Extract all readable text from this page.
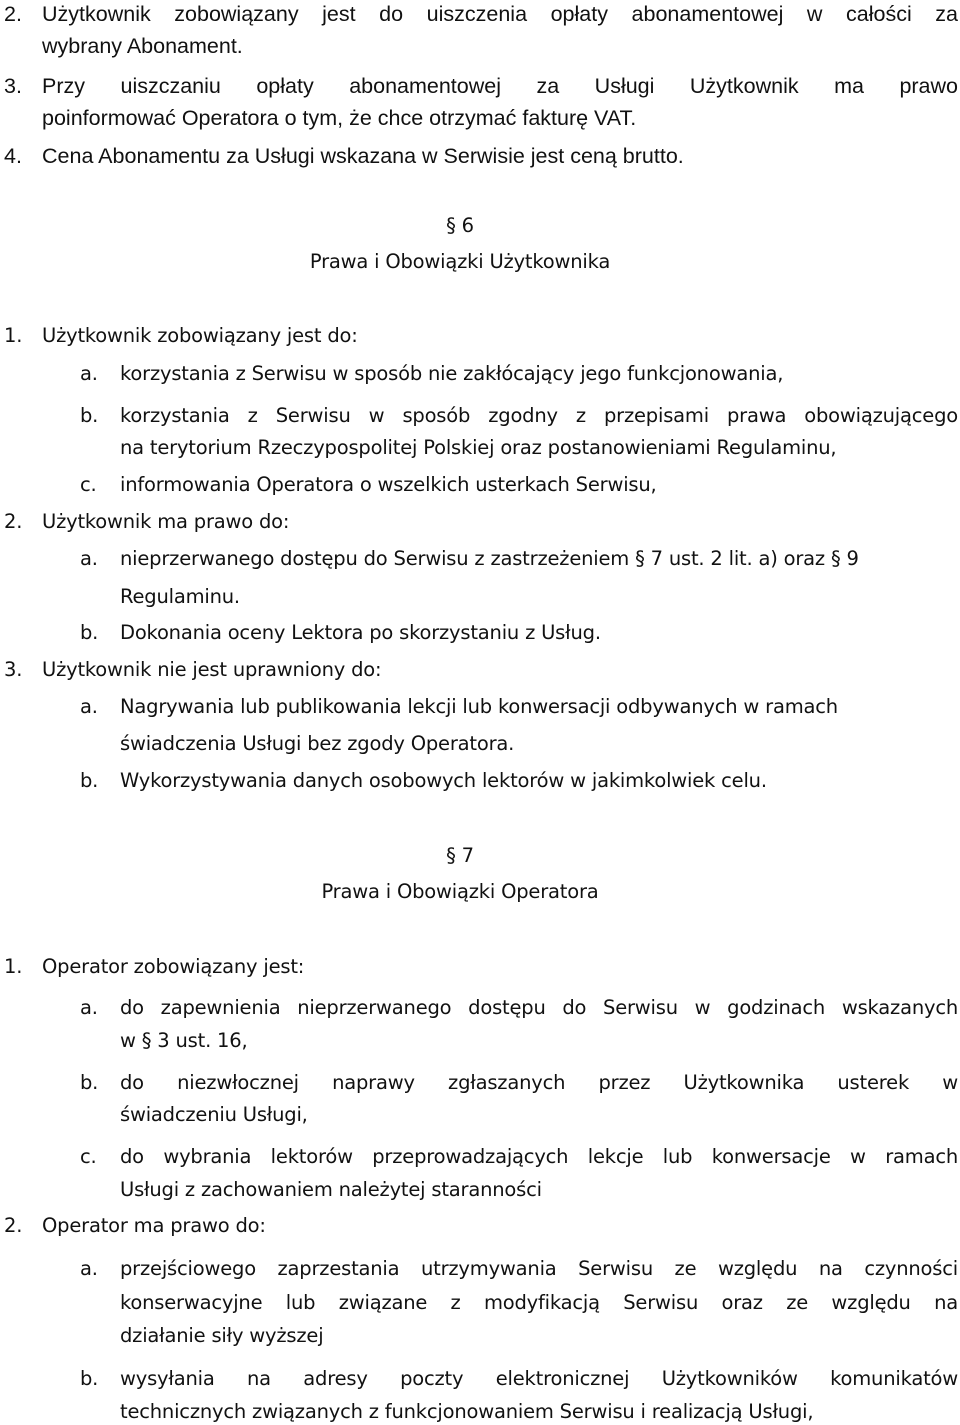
2. Użytkownik zobowiązany jest do uiszczenia opłaty abonamentowej w całości za
wybrany Abonament.
3. Przy uiszczaniu opłaty abonamentowej za Usługi Użytkownik ma prawo
poinformować Operatora o tym, że chce otrzymać fakturę VAT.
4. Cena Abonamentu za Usługi wskazana w Serwisie jest ceną brutto.
§ 6
Prawa i Obowiązki Użytkownika
1. Użytkownik zobowiązany jest do:
a. korzystania z Serwisu w sposób nie zakłócający jego funkcjonowania,
b. korzystania z Serwisu w sposób zgodny z przepisami prawa obowiązującego
na terytorium Rzeczypospolitej Polskiej oraz postanowieniami Regulaminu,
c. informowania Operatora o wszelkich usterkach Serwisu,
2. Użytkownik ma prawo do:
a. nieprzerwanego dostępu do Serwisu z zastrzeżeniem § 7 ust. 2 lit. a) oraz § 9
Regulaminu.
b. Dokonania oceny Lektora po skorzystaniu z Usług.
3. Użytkownik nie jest uprawniony do:
a. Nagrywania lub publikowania lekcji lub konwersacji odbywanych w ramach
świadczenia Usługi bez zgody Operatora.
b. Wykorzystywania danych osobowych lektorów w jakimkolwiek celu.
§ 7
Prawa i Obowiązki Operatora
1. Operator zobowiązany jest:
a. do zapewnienia nieprzerwanego dostępu do Serwisu w godzinach wskazanych
w § 3 ust. 16,
b. do niezwłocznej naprawy zgłaszanych przez Użytkownika usterek w
świadczeniu Usługi,
c. do wybrania lektorów przeprowadzających lekcje lub konwersacje w ramach
Usługi z zachowaniem należytej staranności
2. Operator ma prawo do:
a. przejściowego zaprzestania utrzymywania Serwisu ze względu na czynności
konserwacyjne lub związane z modyfikacją Serwisu oraz ze względu na
działanie siły wyższej
b. wysyłania na adresy poczty elektronicznej Użytkowników komunikatów
technicznych związanych z funkcjonowaniem Serwisu i realizacją Usługi,
